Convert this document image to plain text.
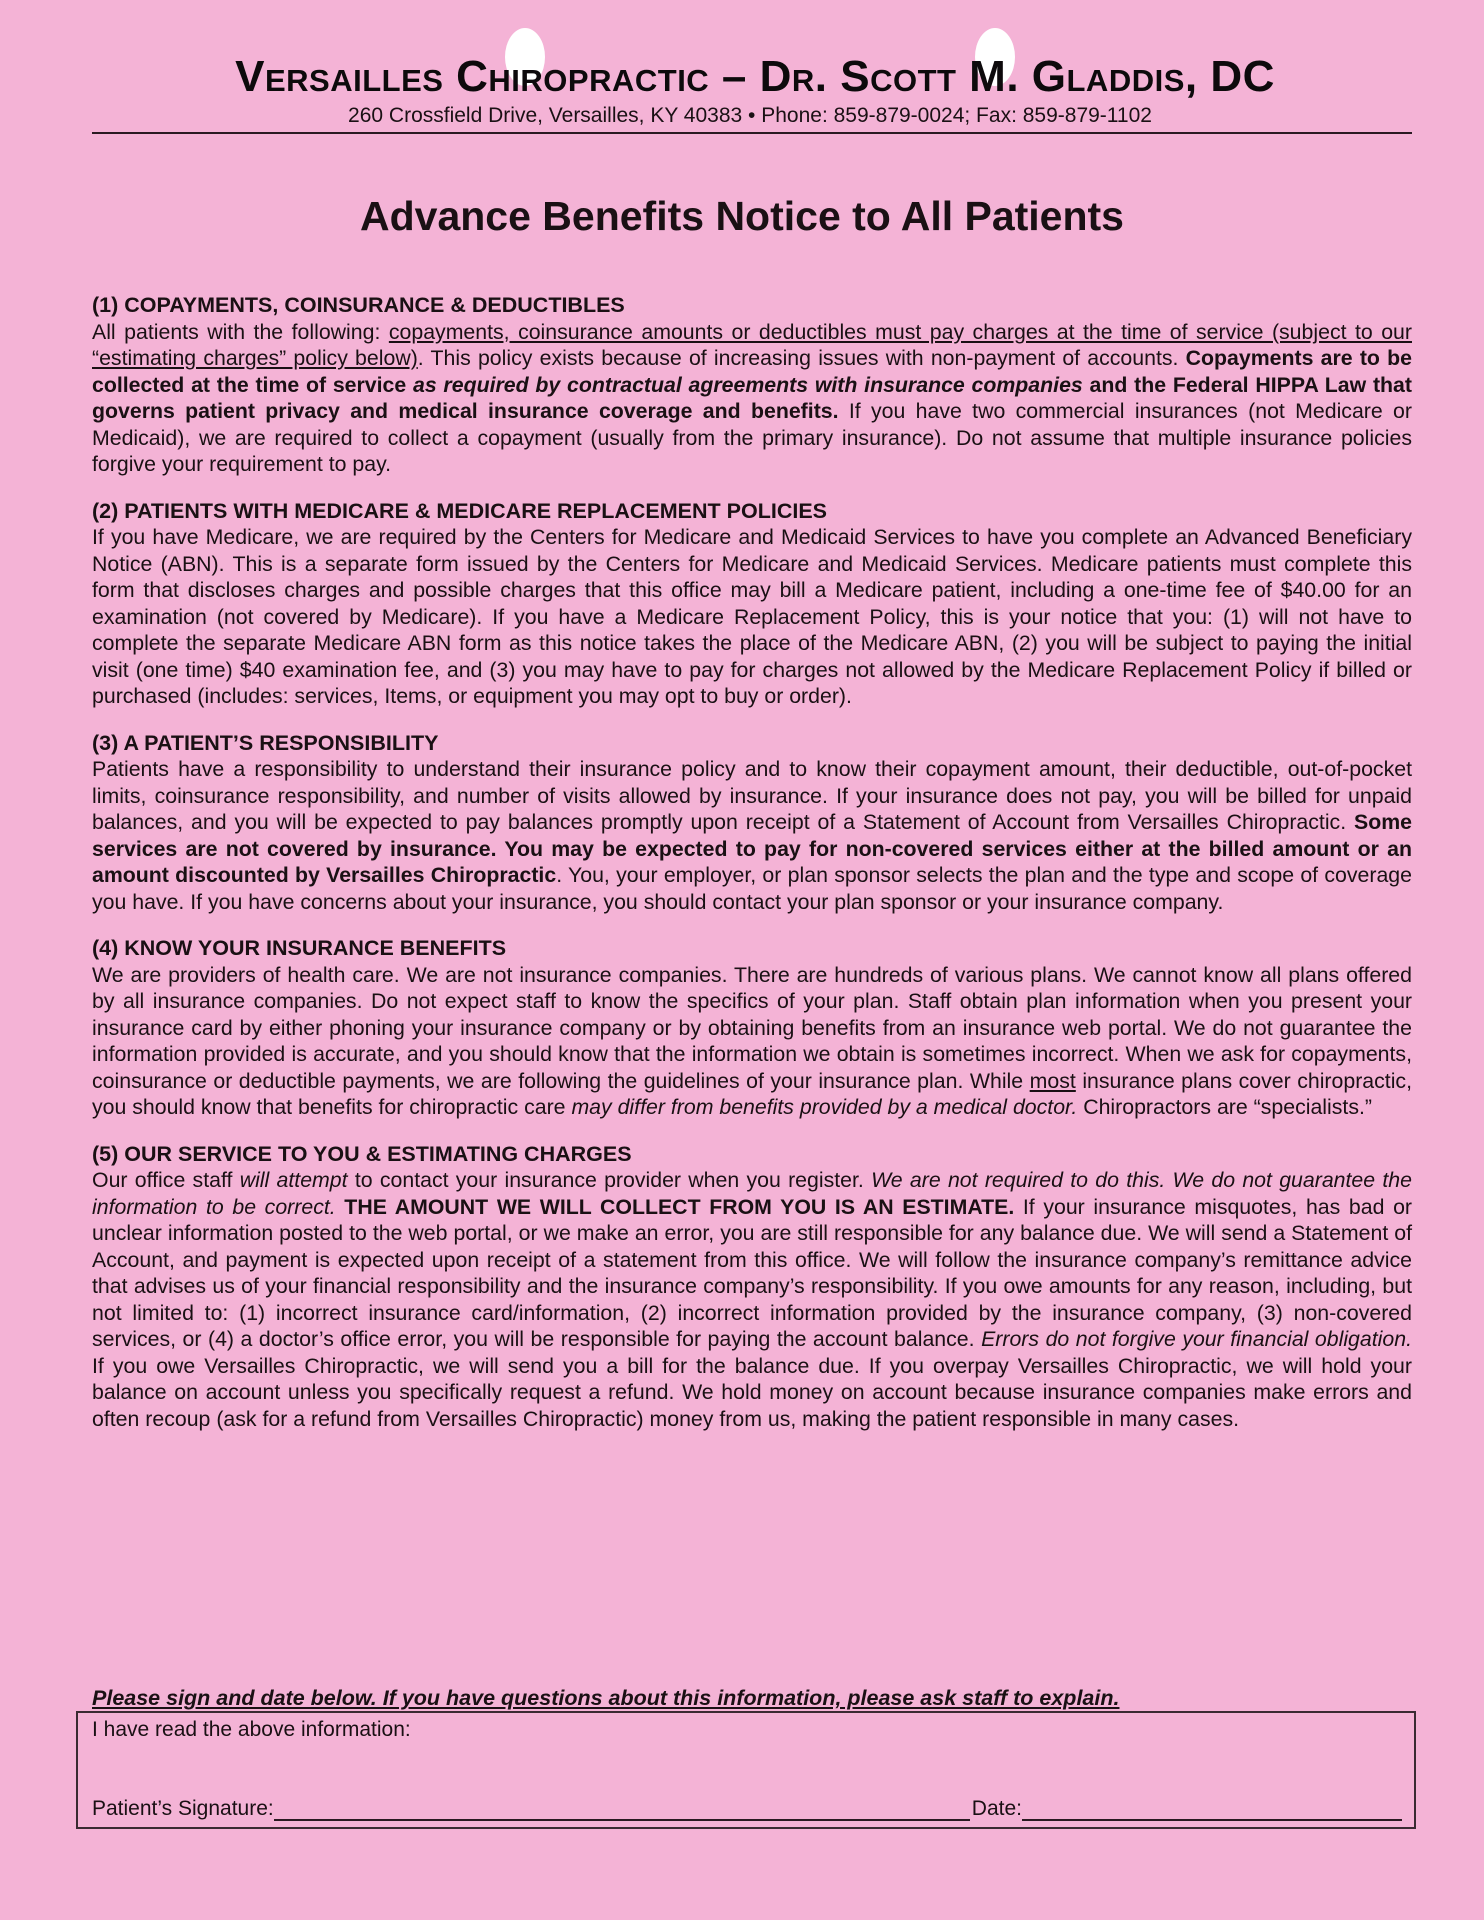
Versailles Chiropractic – Dr. Scott M. Gladdis, DC
260 Crossfield Drive, Versailles, KY 40383 • Phone: 859-879-0024; Fax: 859-879-1102
Advance Benefits Notice to All Patients
(1) COPAYMENTS, COINSURANCE & DEDUCTIBLES

All patients with the following: copayments, coinsurance amounts or deductibles must pay charges at the time of service (subject to our “estimating charges” policy below). This policy exists because of increasing issues with non-payment of accounts. Copayments are to be collected at the time of service as required by contractual agreements with insurance companies and the Federal HIPPA Law that governs patient privacy and medical insurance coverage and benefits. If you have two commercial insurances (not Medicare or Medicaid), we are required to collect a copayment (usually from the primary insurance). Do not assume that multiple insurance policies forgive your requirement to pay.

(2) PATIENTS WITH MEDICARE & MEDICARE REPLACEMENT POLICIES

If you have Medicare, we are required by the Centers for Medicare and Medicaid Services to have you complete an Advanced Beneficiary Notice (ABN). This is a separate form issued by the Centers for Medicare and Medicaid Services. Medicare patients must complete this form that discloses charges and possible charges that this office may bill a Medicare patient, including a one-time fee of $40.00 for an examination (not covered by Medicare). If you have a Medicare Replacement Policy, this is your notice that you: (1) will not have to complete the separate Medicare ABN form as this notice takes the place of the Medicare ABN, (2) you will be subject to paying the initial visit (one time) $40 examination fee, and (3) you may have to pay for charges not allowed by the Medicare Replacement Policy if billed or purchased (includes: services, Items, or equipment you may opt to buy or order).

(3) A PATIENT’S RESPONSIBILITY

Patients have a responsibility to understand their insurance policy and to know their copayment amount, their deductible, out-of-pocket limits, coinsurance responsibility, and number of visits allowed by insurance. If your insurance does not pay, you will be billed for unpaid balances, and you will be expected to pay balances promptly upon receipt of a Statement of Account from Versailles Chiropractic. Some services are not covered by insurance. You may be expected to pay for non-covered services either at the billed amount or an amount discounted by Versailles Chiropractic. You, your employer, or plan sponsor selects the plan and the type and scope of coverage you have. If you have concerns about your insurance, you should contact your plan sponsor or your insurance company.

(4) KNOW YOUR INSURANCE BENEFITS

We are providers of health care. We are not insurance companies. There are hundreds of various plans. We cannot know all plans offered by all insurance companies. Do not expect staff to know the specifics of your plan. Staff obtain plan information when you present your insurance card by either phoning your insurance company or by obtaining benefits from an insurance web portal. We do not guarantee the information provided is accurate, and you should know that the information we obtain is sometimes incorrect. When we ask for copayments, coinsurance or deductible payments, we are following the guidelines of your insurance plan. While most insurance plans cover chiropractic, you should know that benefits for chiropractic care may differ from benefits provided by a medical doctor. Chiropractors are “specialists.”

(5) OUR SERVICE TO YOU & ESTIMATING CHARGES

Our office staff will attempt to contact your insurance provider when you register. We are not required to do this. We do not guarantee the information to be correct. THE AMOUNT WE WILL COLLECT FROM YOU IS AN ESTIMATE. If your insurance misquotes, has bad or unclear information posted to the web portal, or we make an error, you are still responsible for any balance due. We will send a Statement of Account, and payment is expected upon receipt of a statement from this office. We will follow the insurance company’s remittance advice that advises us of your financial responsibility and the insurance company’s responsibility. If you owe amounts for any reason, including, but not limited to: (1) incorrect insurance card/information, (2) incorrect information provided by the insurance company, (3) non-covered services, or (4) a doctor’s office error, you will be responsible for paying the account balance. Errors do not forgive your financial obligation. If you owe Versailles Chiropractic, we will send you a bill for the balance due. If you overpay Versailles Chiropractic, we will hold your balance on account unless you specifically request a refund. We hold money on account because insurance companies make errors and often recoup (ask for a refund from Versailles Chiropractic) money from us, making the patient responsible in many cases.

Please sign and date below. If you have questions about this information, please ask staff to explain.
I have read the above information:
Patient’s Signature:	Date:
